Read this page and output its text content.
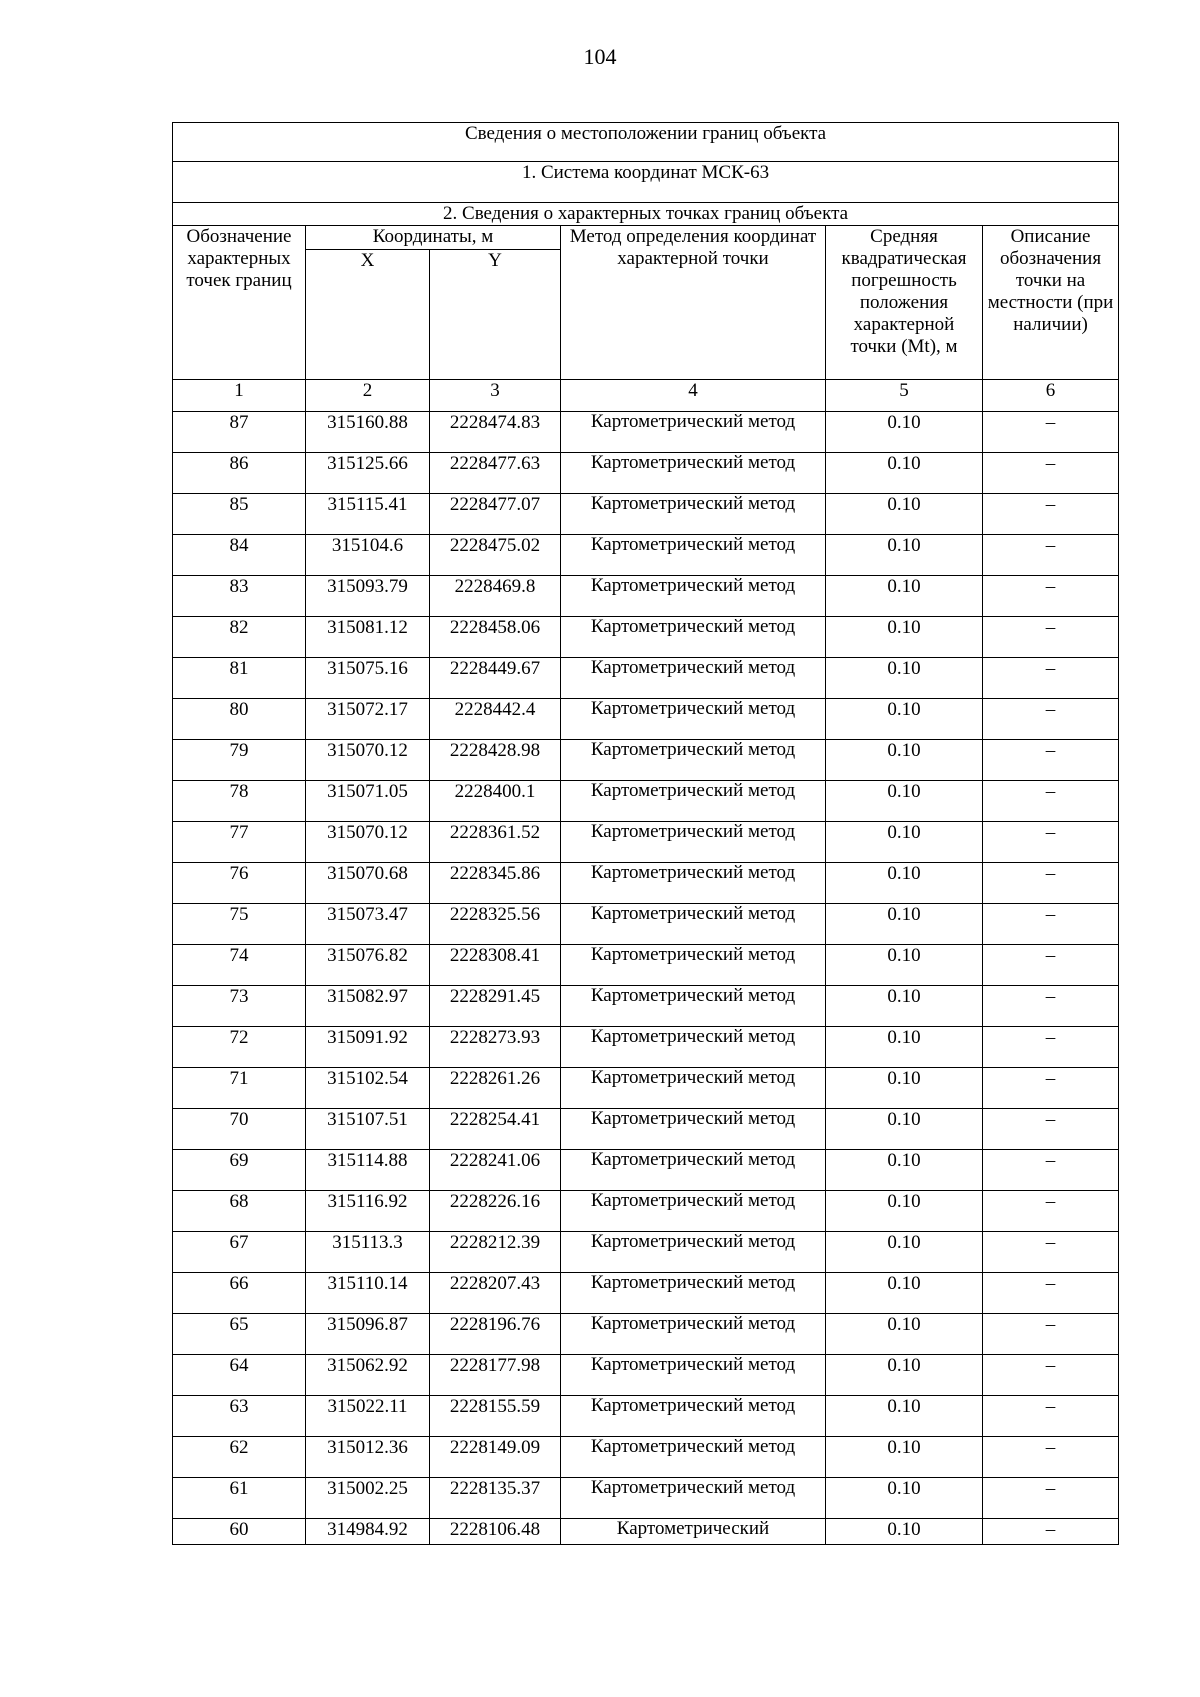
104
Сведения о местоположении границ объекта					
1. Система координат МСК-63					
2. Сведения о характерных точках границ объекта					
Обозначение характерных точек границ	Координаты, м		Метод определения координат характерной точки	Средняя квадратическая погрешность положения характерной точки (Mt), м	Описание обозначения точки на местности (при наличии)
	X	Y			
1	2	3	4	5	6
87	315160.88	2228474.83	Картометрический метод	0.10	–
86	315125.66	2228477.63	Картометрический метод	0.10	–
85	315115.41	2228477.07	Картометрический метод	0.10	–
84	315104.6	2228475.02	Картометрический метод	0.10	–
83	315093.79	2228469.8	Картометрический метод	0.10	–
82	315081.12	2228458.06	Картометрический метод	0.10	–
81	315075.16	2228449.67	Картометрический метод	0.10	–
80	315072.17	2228442.4	Картометрический метод	0.10	–
79	315070.12	2228428.98	Картометрический метод	0.10	–
78	315071.05	2228400.1	Картометрический метод	0.10	–
77	315070.12	2228361.52	Картометрический метод	0.10	–
76	315070.68	2228345.86	Картометрический метод	0.10	–
75	315073.47	2228325.56	Картометрический метод	0.10	–
74	315076.82	2228308.41	Картометрический метод	0.10	–
73	315082.97	2228291.45	Картометрический метод	0.10	–
72	315091.92	2228273.93	Картометрический метод	0.10	–
71	315102.54	2228261.26	Картометрический метод	0.10	–
70	315107.51	2228254.41	Картометрический метод	0.10	–
69	315114.88	2228241.06	Картометрический метод	0.10	–
68	315116.92	2228226.16	Картометрический метод	0.10	–
67	315113.3	2228212.39	Картометрический метод	0.10	–
66	315110.14	2228207.43	Картометрический метод	0.10	–
65	315096.87	2228196.76	Картометрический метод	0.10	–
64	315062.92	2228177.98	Картометрический метод	0.10	–
63	315022.11	2228155.59	Картометрический метод	0.10	–
62	315012.36	2228149.09	Картометрический метод	0.10	–
61	315002.25	2228135.37	Картометрический метод	0.10	–
60	314984.92	2228106.48	Картометрический	0.10	–
